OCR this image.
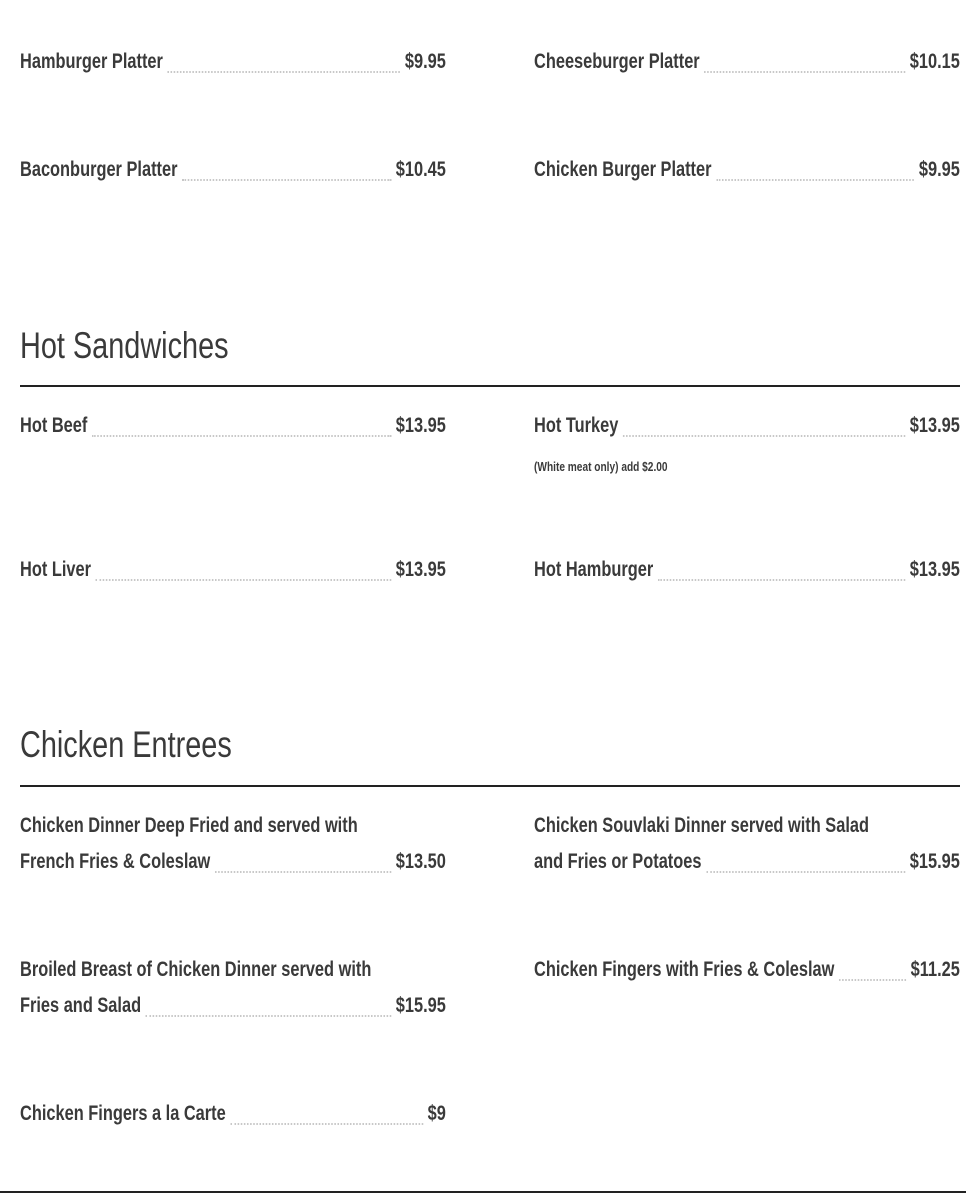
Hamburger Platter	$9.95	Cheeseburger Platter	$10.15
Baconburger Platter	$10.45	Chicken Burger Platter	$9.95
Hot Sandwiches
Hot Beef	$13.95	Hot Turkey	$13.95
(White meat only) add $2.00
Hot Liver	$13.95	Hot Hamburger	$13.95
Chicken Entrees
Chicken Dinner Deep Fried and served with
French Fries & Coleslaw	$13.50
Chicken Souvlaki Dinner served with Salad
and Fries or Potatoes	$15.95
Broiled Breast of Chicken Dinner served with
Fries and Salad	$15.95
Chicken Fingers with Fries & Coleslaw	$11.25
Chicken Fingers a la Carte	$9
